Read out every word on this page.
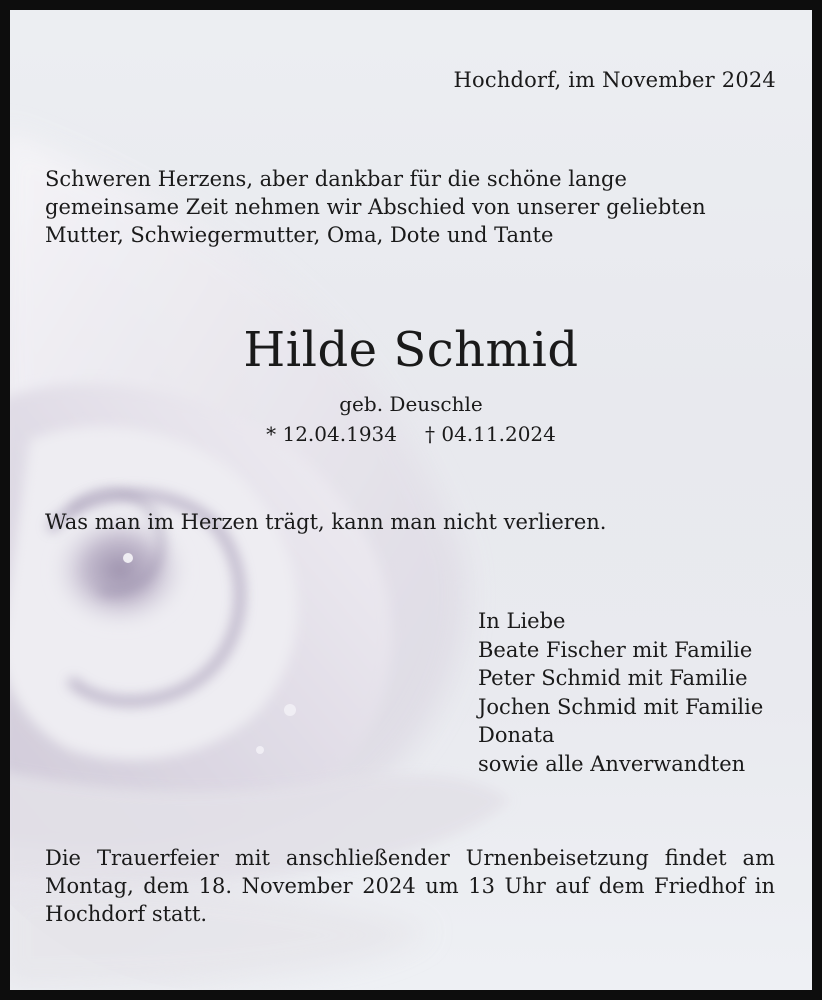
Hochdorf, im November 2024

Schweren Herzens, aber dankbar für die schöne lange
gemeinsame Zeit nehmen wir Abschied von unserer geliebten
Mutter, Schwiegermutter, Oma, Dote und Tante

Hilde Schmid
geb. Deuschle
* 12.04.1934 † 04.11.2024
Was man im Herzen trägt, kann man nicht verlieren.
In Liebe
Beate Fischer mit Familie
Peter Schmid mit Familie
Jochen Schmid mit Familie
Donata
sowie alle Anverwandten
Die Trauerfeier mit anschließender Urnenbeisetzung findet am
Montag, dem 18. November 2024 um 13 Uhr auf dem Friedhof in
Hochdorf statt.
